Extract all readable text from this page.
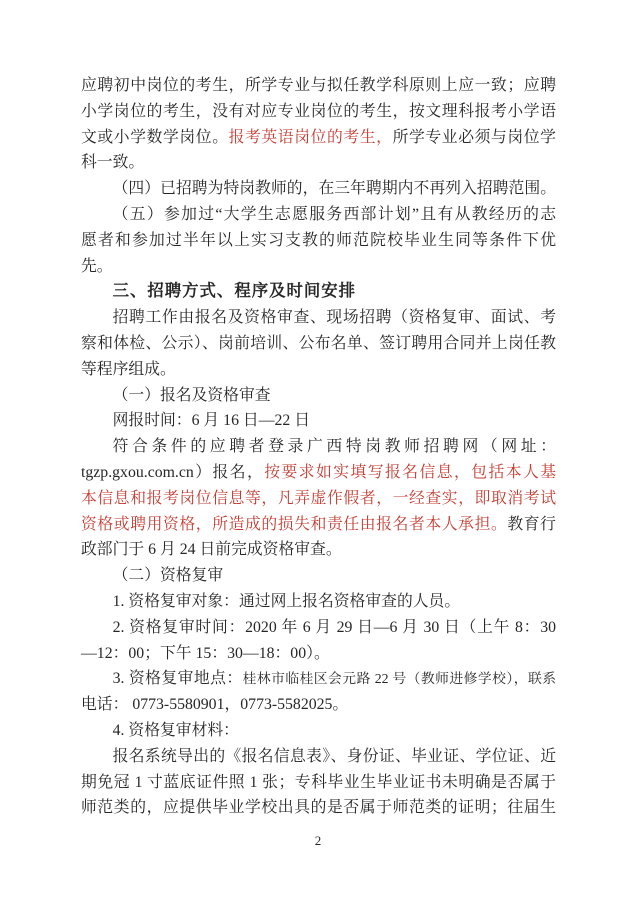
应聘初中岗位的考生，所学专业与拟任教学科原则上应一致；应聘
小学岗位的考生，没有对应专业岗位的考生，按文理科报考小学语
文或小学数学岗位。报考英语岗位的考生，所学专业必须与岗位学
科一致。
（四）已招聘为特岗教师的，在三年聘期内不再列入招聘范围。
（五）参加过“大学生志愿服务西部计划”且有从教经历的志
愿者和参加过半年以上实习支教的师范院校毕业生同等条件下优
先。
三、招聘方式、程序及时间安排
招聘工作由报名及资格审查、现场招聘（资格复审、面试、考
察和体检、公示）、岗前培训、公布名单、签订聘用合同并上岗任教
等程序组成。
（一）报名及资格审查
网报时间：6 月 16 日—22 日
符合条件的应聘者登录广西特岗教师招聘网（网址：
tgzp.gxou.com.cn）报名，按要求如实填写报名信息，包括本人基
本信息和报考岗位信息等，凡弄虚作假者，一经查实，即取消考试
资格或聘用资格，所造成的损失和责任由报名者本人承担。教育行
政部门于 6 月 24 日前完成资格审查。
（二）资格复审
1. 资格复审对象：通过网上报名资格审查的人员。
2. 资格复审时间：2020 年 6 月 29 日—6 月 30 日（上午 8：30
—12：00；下午 15：30—18：00）。
3. 资格复审地点：桂林市临桂区会元路 22 号（教师进修学校），联系
电话： 0773-5580901，0773-5582025。
4. 资格复审材料：
报名系统导出的《报名信息表》、身份证、毕业证、学位证、近
期免冠 1 寸蓝底证件照 1 张；专科毕业生毕业证书未明确是否属于
师范类的，应提供毕业学校出具的是否属于师范类的证明；往届生
2
